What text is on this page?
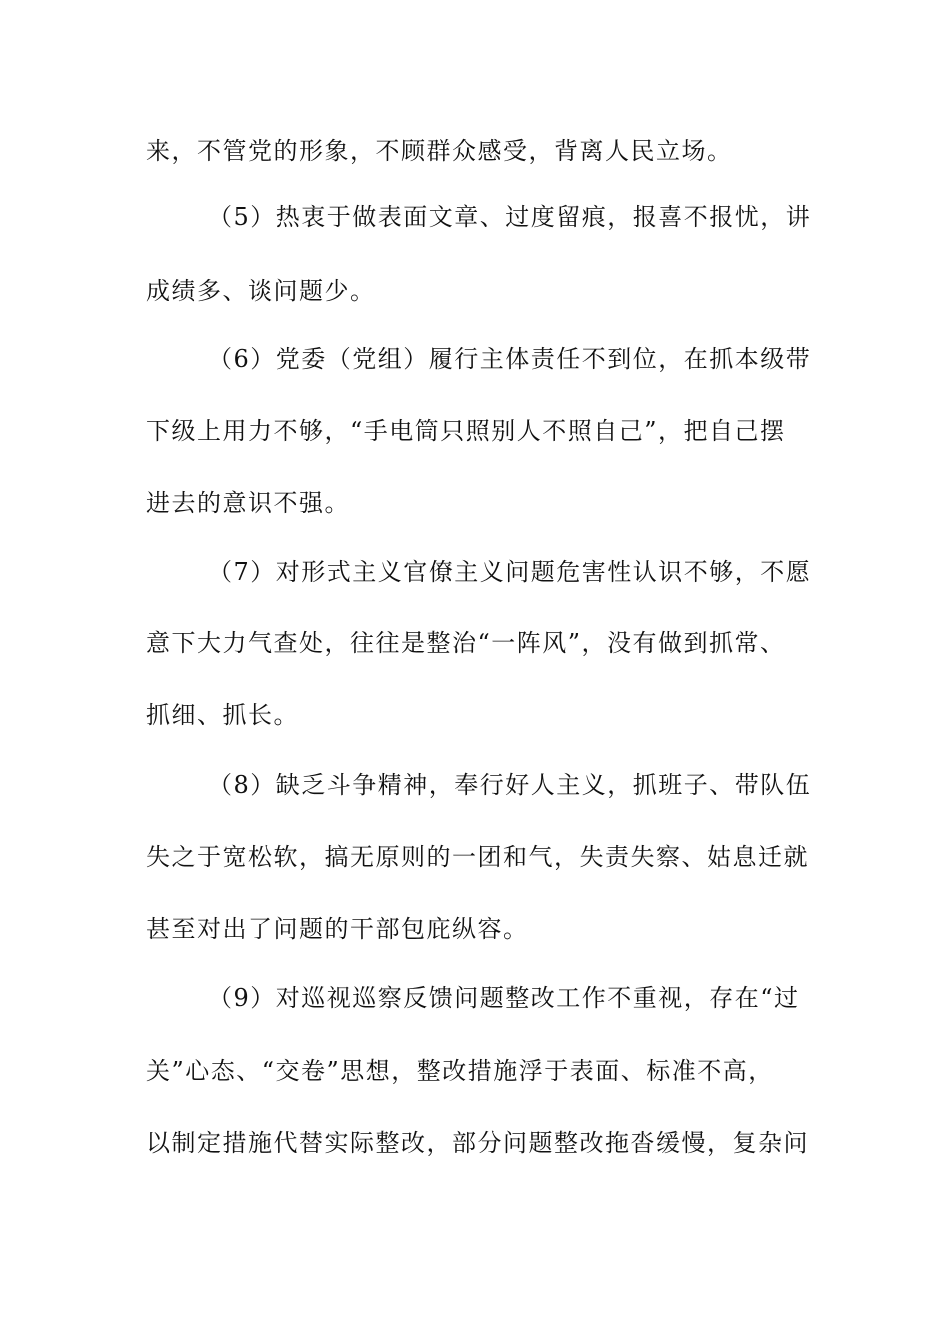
来，不管党的形象，不顾群众感受，背离人民立场。
（5）热衷于做表面文章、过度留痕，报喜不报忧，讲
成绩多、谈问题少。
（6）党委（党组）履行主体责任不到位，在抓本级带
下级上用力不够，“手电筒只照别人不照自己”，把自己摆
进去的意识不强。
（7）对形式主义官僚主义问题危害性认识不够，不愿
意下大力气查处，往往是整治“一阵风”，没有做到抓常、
抓细、抓长。
（8）缺乏斗争精神，奉行好人主义，抓班子、带队伍
失之于宽松软，搞无原则的一团和气，失责失察、姑息迁就
甚至对出了问题的干部包庇纵容。
（9）对巡视巡察反馈问题整改工作不重视，存在“过
关”心态、“交卷”思想，整改措施浮于表面、标准不高，
以制定措施代替实际整改，部分问题整改拖沓缓慢，复杂问
